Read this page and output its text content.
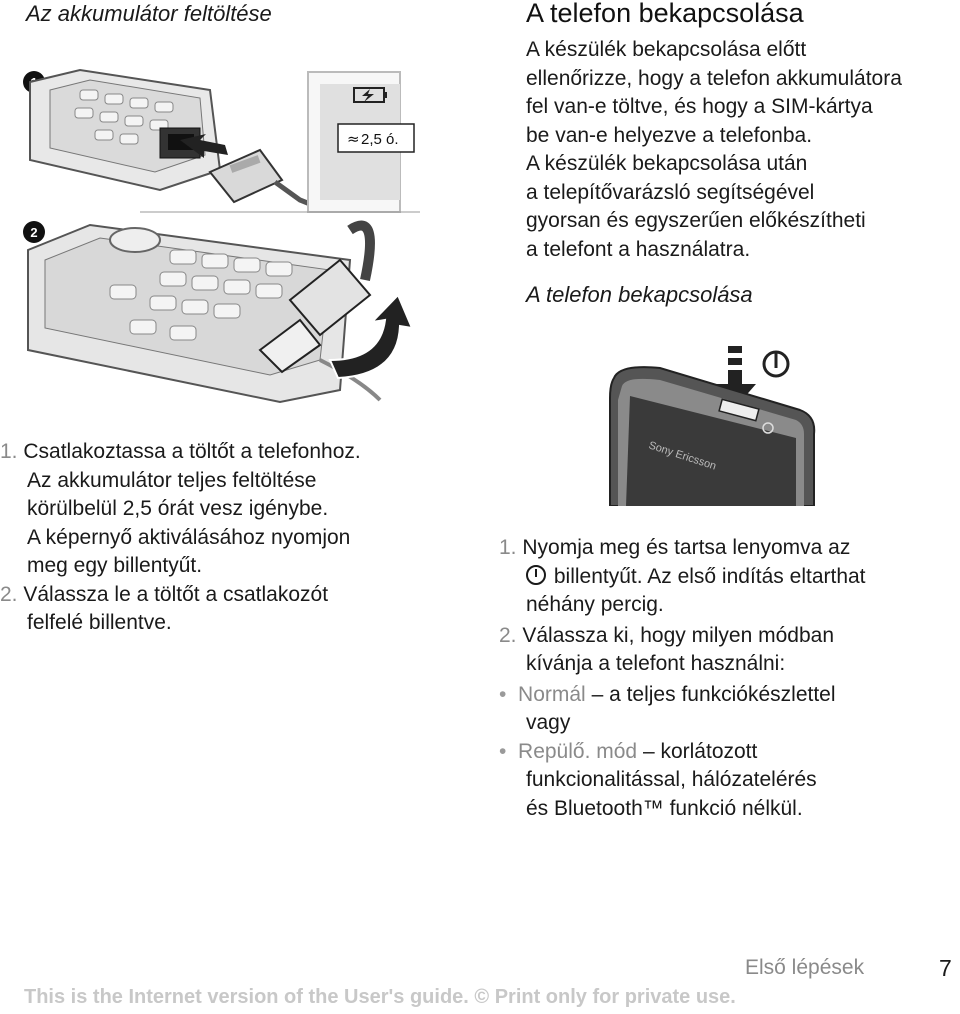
Az akkumulátor feltöltése
2
≈ 2,5 ó.
1. Csatlakoztassa a töltőt a telefonhoz.
Az akkumulátor teljes feltöltése
körülbelül 2,5 órát vesz igénybe.
A képernyő aktiválásához nyomjon
meg egy billentyűt.
2. Válassza le a töltőt a csatlakozót
felfelé billentve.
A telefon bekapcsolása
A készülék bekapcsolása előtt
ellenőrizze, hogy a telefon akkumulátora
fel van-e töltve, és hogy a SIM-kártya
be van-e helyezve a telefonba.
A készülék bekapcsolása után
a telepítővarázsló segítségével
gyorsan és egyszerűen előkészítheti
a telefont a használatra.
A telefon bekapcsolása
Sony Ericsson
1. Nyomja meg és tartsa lenyomva az
billentyűt. Az első indítás eltarthat
néhány percig.
2. Válassza ki, hogy milyen módban
kívánja a telefont használni:
• Normál – a teljes funkciókészlettel
vagy
• Repülő. mód – korlátozott
funkcionalitással, hálózatelérés
és Bluetooth™ funkció nélkül.
Első lépések	7
This is the Internet version of the User's guide. © Print only for private use.
